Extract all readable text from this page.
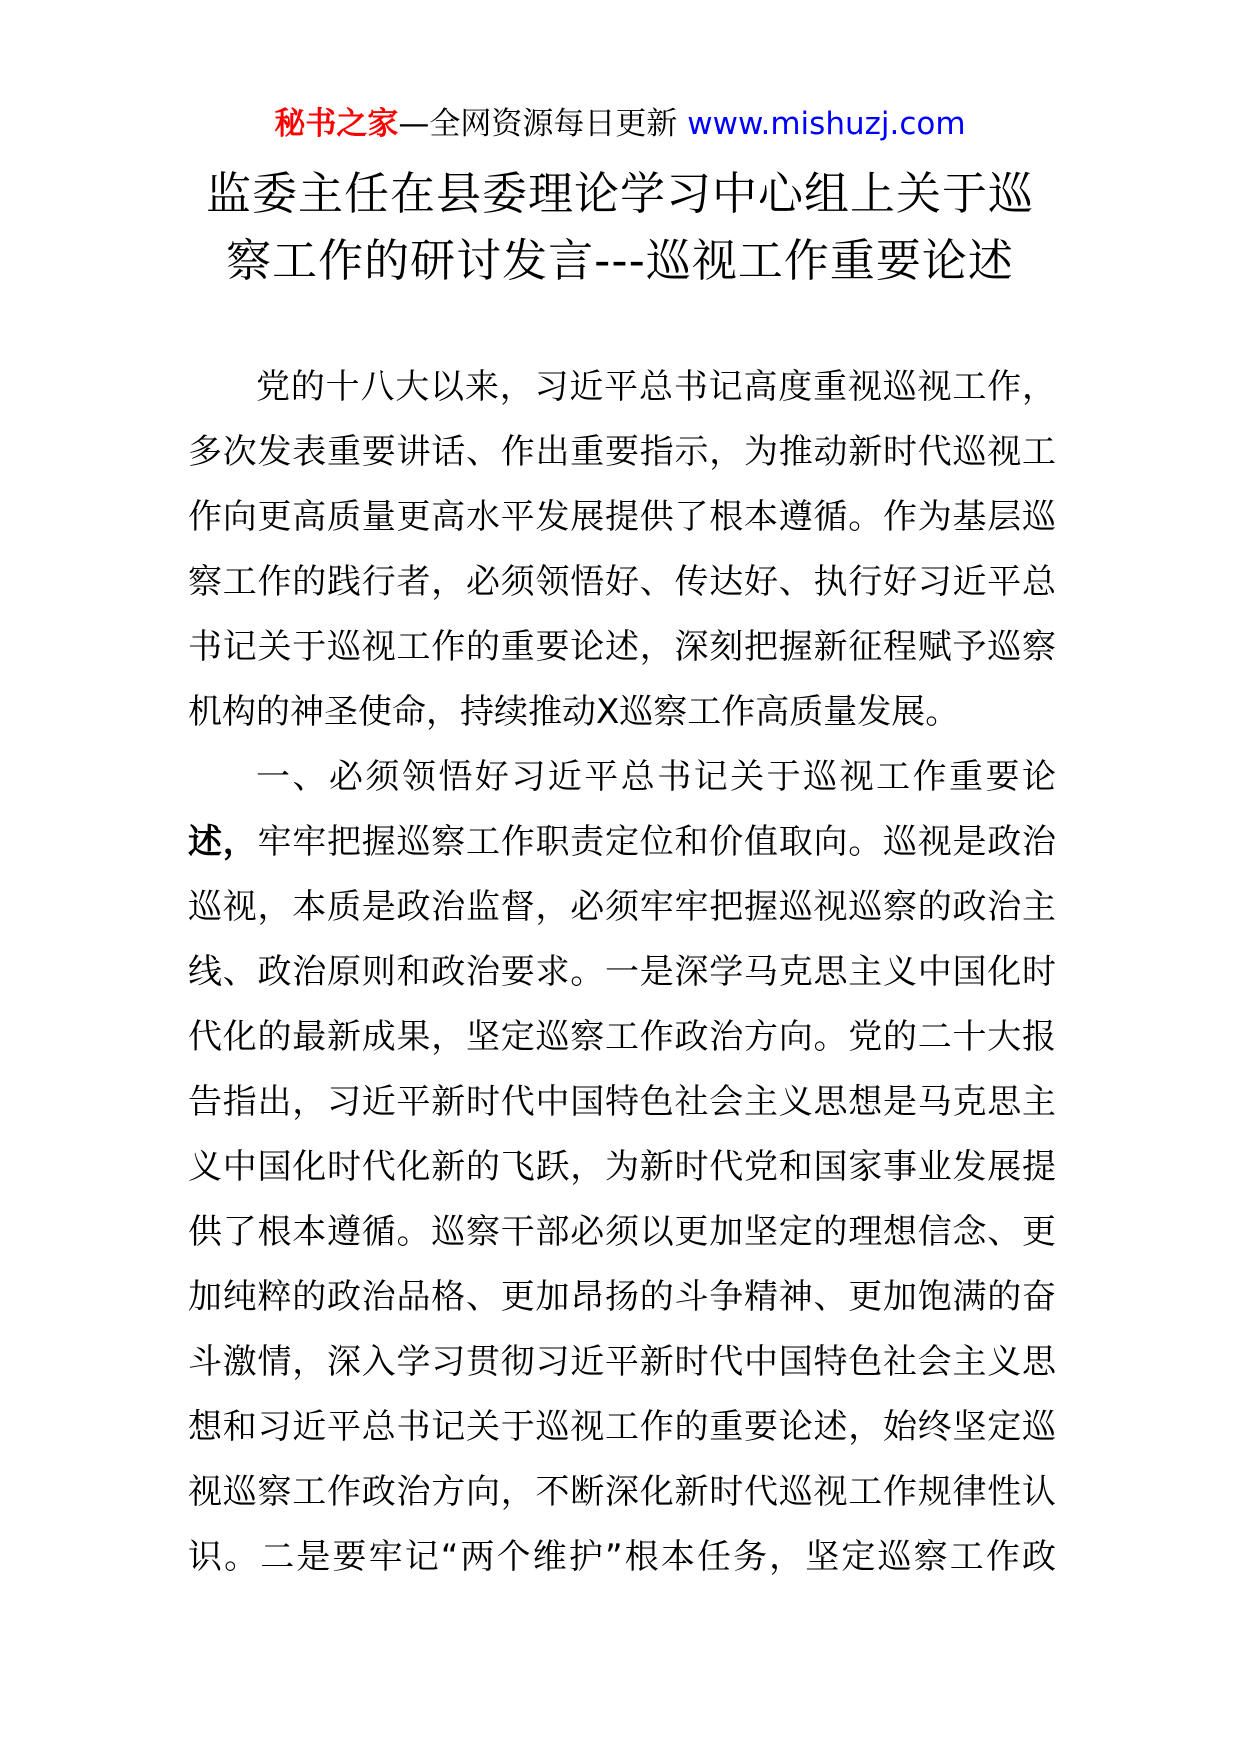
秘书之家—全网资源每日更新 www.mishuzj.com
监委主任在县委理论学习中心组上关于巡
察工作的研讨发言---巡视工作重要论述
党的十八大以来，习近平总书记高度重视巡视工作，
多次发表重要讲话、作出重要指示，为推动新时代巡视工
作向更高质量更高水平发展提供了根本遵循。作为基层巡
察工作的践行者，必须领悟好、传达好、执行好习近平总
书记关于巡视工作的重要论述，深刻把握新征程赋予巡察
机构的神圣使命，持续推动X巡察工作高质量发展。
一、必须领悟好习近平总书记关于巡视工作重要论
述，牢牢把握巡察工作职责定位和价值取向。巡视是政治
巡视，本质是政治监督，必须牢牢把握巡视巡察的政治主
线、政治原则和政治要求。一是深学马克思主义中国化时
代化的最新成果，坚定巡察工作政治方向。党的二十大报
告指出，习近平新时代中国特色社会主义思想是马克思主
义中国化时代化新的飞跃，为新时代党和国家事业发展提
供了根本遵循。巡察干部必须以更加坚定的理想信念、更
加纯粹的政治品格、更加昂扬的斗争精神、更加饱满的奋
斗激情，深入学习贯彻习近平新时代中国特色社会主义思
想和习近平总书记关于巡视工作的重要论述，始终坚定巡
视巡察工作政治方向，不断深化新时代巡视工作规律性认
识。二是要牢记“两个维护”根本任务，坚定巡察工作政
